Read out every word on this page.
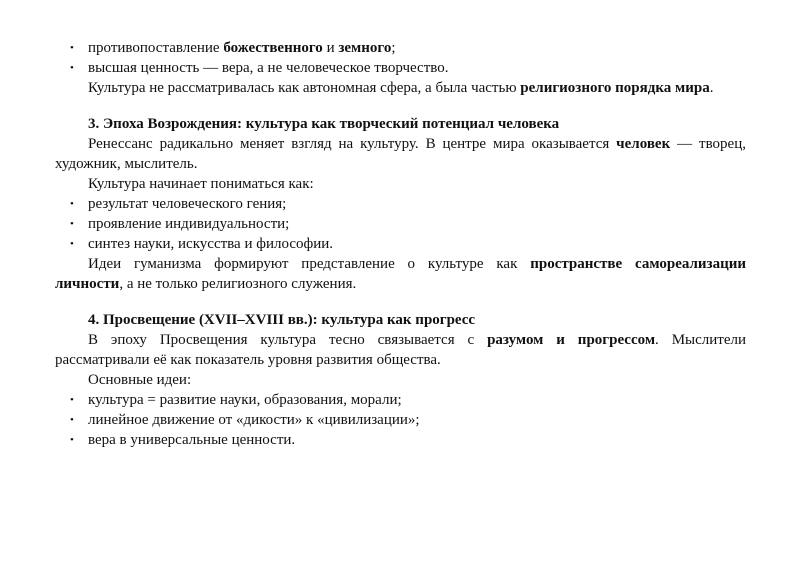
• противопоставление божественного и земного;
• высшая ценность — вера, а не человеческое творчество.
Культура не рассматривалась как автономная сфера, а была частью религиозного порядка мира.
3. Эпоха Возрождения: культура как творческий потенциал человека
Ренессанс радикально меняет взгляд на культуру. В центре мира оказывается человек — творец,
художник, мыслитель.
Культура начинает пониматься как:
• результат человеческого гения;
• проявление индивидуальности;
• синтез науки, искусства и философии.
Идеи гуманизма формируют представление о культуре как пространстве самореализации
личности, а не только религиозного служения.
4. Просвещение (XVII–XVIII вв.): культура как прогресс
В эпоху Просвещения культура тесно связывается с разумом и прогрессом. Мыслители
рассматривали её как показатель уровня развития общества.
Основные идеи:
• культура = развитие науки, образования, морали;
• линейное движение от «дикости» к «цивилизации»;
• вера в универсальные ценности.
